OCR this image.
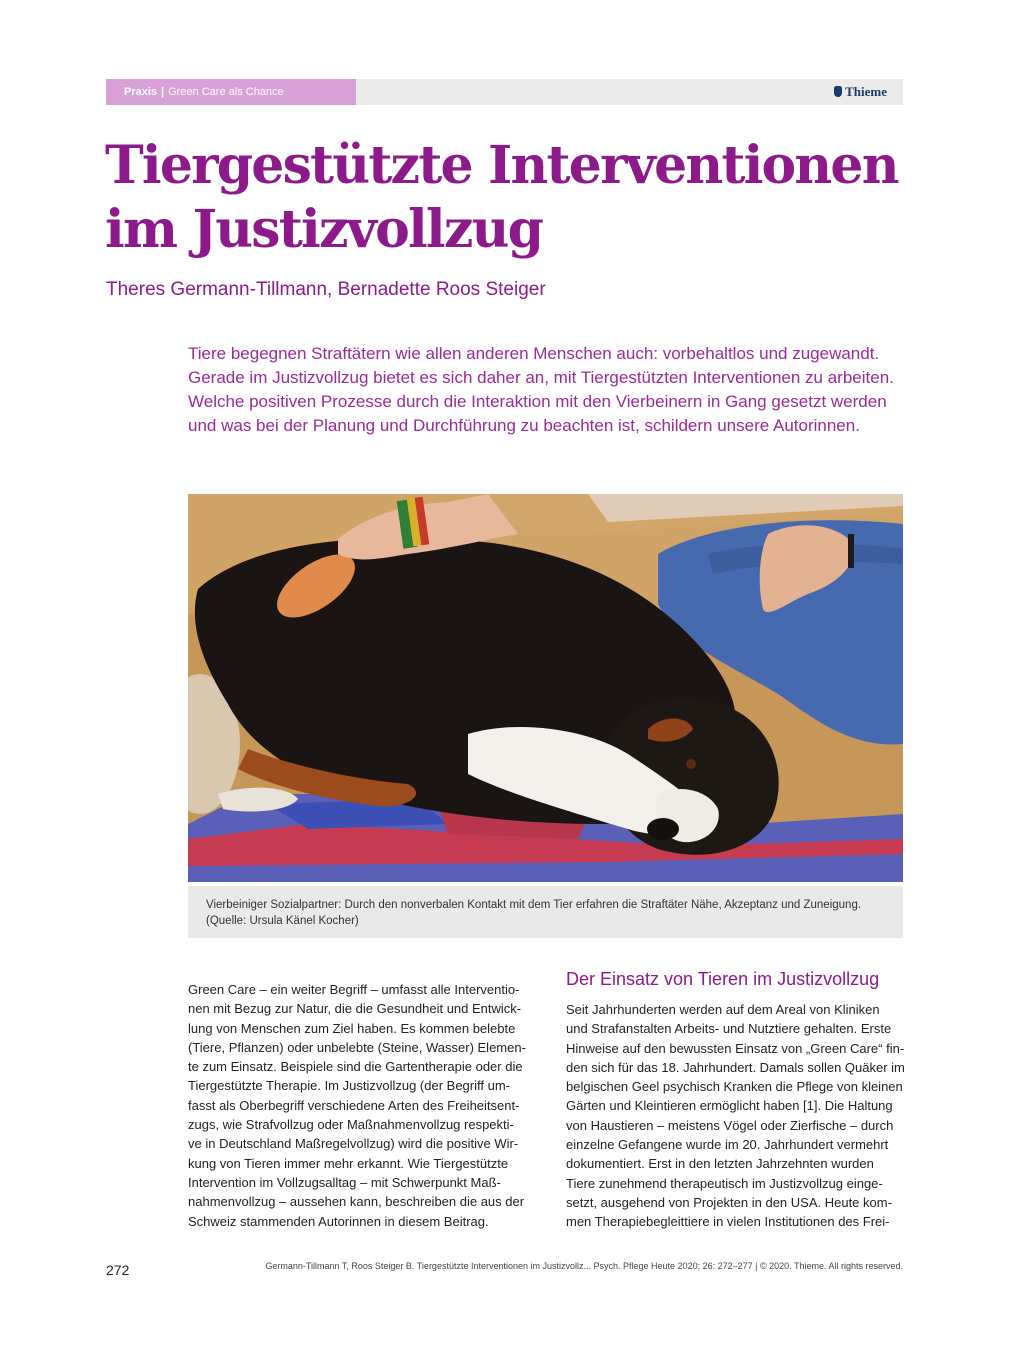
Praxis | Green Care als Chance	Thieme
Tiergestützte Interventionen
im Justizvollzug
Theres Germann-Tillmann, Bernadette Roos Steiger

Tiere begegnen Straftätern wie allen anderen Menschen auch: vorbehaltlos und zugewandt. Gerade im Justizvollzug bietet es sich daher an, mit Tiergestützten Interventionen zu arbeiten. Welche positiven Prozesse durch die Interaktion mit den Vierbeinern in Gang gesetzt werden und was bei der Planung und Durchführung zu beachten ist, schildern unsere Autorinnen.

Vierbeiniger Sozialpartner: Durch den nonverbalen Kontakt mit dem Tier erfahren die Straftäter Nähe, Akzeptanz und Zuneigung.
(Quelle: Ursula Känel Kocher)

Green Care – ein weiter Begriff – umfasst alle Interventio-
nen mit Bezug zur Natur, die die Gesundheit und Entwick-
lung von Menschen zum Ziel haben. Es kommen belebte
(Tiere, Pflanzen) oder unbelebte (Steine, Wasser) Elemen-
te zum Einsatz. Beispiele sind die Gartentherapie oder die
Tiergestützte Therapie. Im Justizvollzug (der Begriff um-
fasst als Oberbegriff verschiedene Arten des Freiheitsent-
zugs, wie Strafvollzug oder Maßnahmenvollzug respekti-
ve in Deutschland Maßregelvollzug) wird die positive Wir-
kung von Tieren immer mehr erkannt. Wie Tiergestützte
Intervention im Vollzugsalltag – mit Schwerpunkt Maß-
nahmenvollzug – aussehen kann, beschreiben die aus der
Schweiz stammenden Autorinnen in diesem Beitrag.

Der Einsatz von Tieren im Justizvollzug

Seit Jahrhunderten werden auf dem Areal von Kliniken
und Strafanstalten Arbeits- und Nutztiere gehalten. Erste
Hinweise auf den bewussten Einsatz von „Green Care“ fin-
den sich für das 18. Jahrhundert. Damals sollen Quäker im
belgischen Geel psychisch Kranken die Pflege von kleinen
Gärten und Kleintieren ermöglicht haben [1]. Die Haltung
von Haustieren – meistens Vögel oder Zierfische – durch
einzelne Gefangene wurde im 20. Jahrhundert vermehrt
dokumentiert. Erst in den letzten Jahrzehnten wurden
Tiere zunehmend therapeutisch im Justizvollzug einge-
setzt, ausgehend von Projekten in den USA. Heute kom-
men Therapiebegleittiere in vielen Institutionen des Frei-

272	Germann-Tillmann T, Roos Steiger B. Tiergestützte Interventionen im Justizvollz... Psych. Pflege Heute 2020; 26: 272–277 | © 2020. Thieme. All rights reserved.
